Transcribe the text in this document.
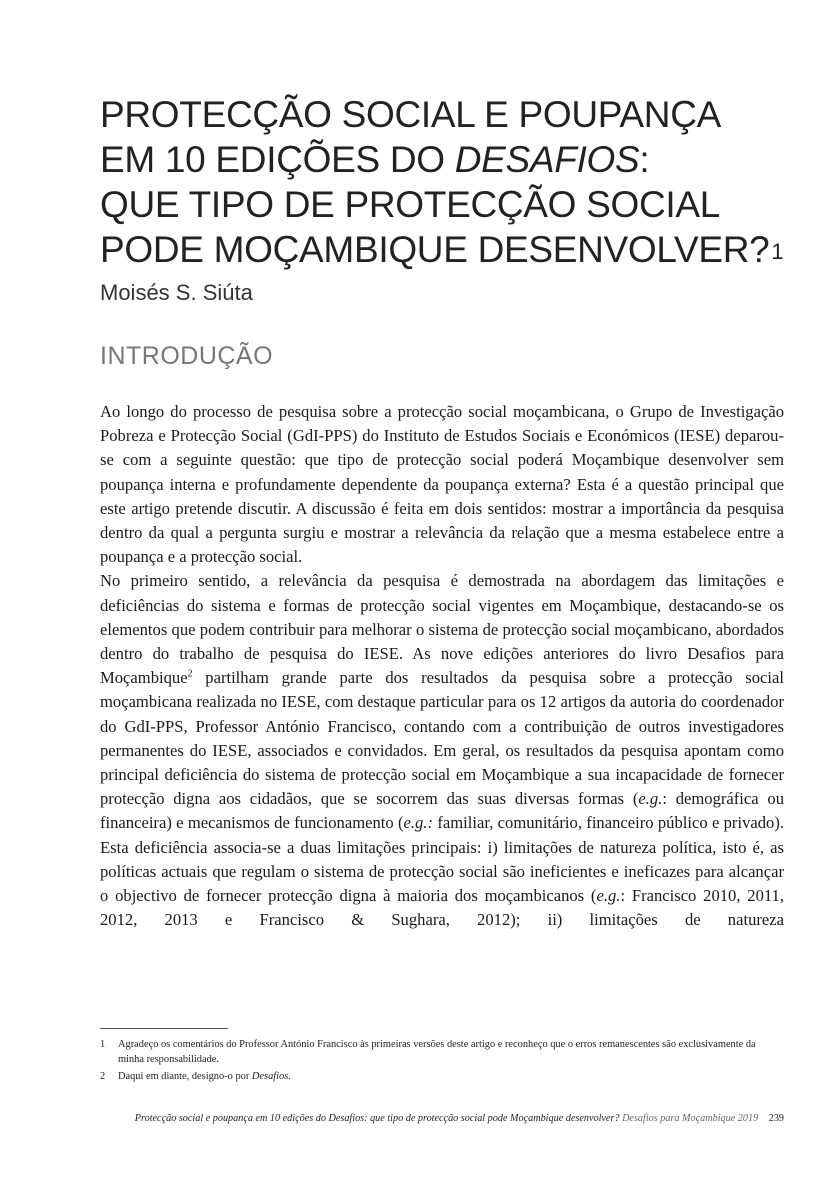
PROTECÇÃO SOCIAL E POUPANÇA
EM 10 EDIÇÕES DO DESAFIOS:
QUE TIPO DE PROTECÇÃO SOCIAL
PODE MOÇAMBIQUE DESENVOLVER?$^1$
Moisés S. Siúta
INTRODUÇÃO

Ao longo do processo de pesquisa sobre a protecção social moçambicana, o Grupo de Investigação Pobreza e Protecção Social (GdI-PPS) do Instituto de Estudos Sociais e Económicos (IESE) deparou-se com a seguinte questão: que tipo de protecção social poderá Moçambique desenvolver sem poupança interna e profundamente dependente da poupança externa? Esta é a questão principal que este artigo pretende discutir. A discussão é feita em dois sentidos: mostrar a importância da pesquisa dentro da qual a pergunta surgiu e mostrar a relevância da relação que a mesma estabelece entre a poupança e a protecção social.

No primeiro sentido, a relevância da pesquisa é demostrada na abordagem das limitações e deficiências do sistema e formas de protecção social vigentes em Moçambique, destacando-se os elementos que podem contribuir para melhorar o sistema de protecção social moçambicano, abordados dentro do trabalho de pesquisa do IESE. As nove edições anteriores do livro Desafios para Moçambique$^2$ partilham grande parte dos resultados da pesquisa sobre a protecção social moçambicana realizada no IESE, com destaque particular para os 12 artigos da autoria do coordenador do GdI-PPS, Professor António Francisco, contando com a contribuição de outros investigadores permanentes do IESE, associados e convidados. Em geral, os resultados da pesquisa apontam como principal deficiência do sistema de protecção social em Moçambique a sua incapacidade de fornecer protecção digna aos cidadãos, que se socorrem das suas diversas formas (e.g.: demográfica ou financeira) e mecanismos de funcionamento (e.g.: familiar, comunitário, financeiro público e privado). Esta deficiência associa-se a duas limitações principais: i) limitações de natureza política, isto é, as políticas actuais que regulam o sistema de protecção social são ineficientes e ineficazes para alcançar o objectivo de fornecer protecção digna à maioria dos moçambicanos (e.g.: Francisco 2010, 2011, 2012, 2013 e Francisco & Sughara, 2012); ii) limitações de natureza

1 Agradeço os comentários do Professor António Francisco às primeiras versões deste artigo e reconheço que o erros remanescentes são exclusivamente da minha responsabilidade.
2 Daqui em diante, designo-o por Desafios.
Protecção social e poupança em 10 edições do Desafios: que tipo de protecção social pode Moçambique desenvolver? Desafios para Moçambique 2019 239
